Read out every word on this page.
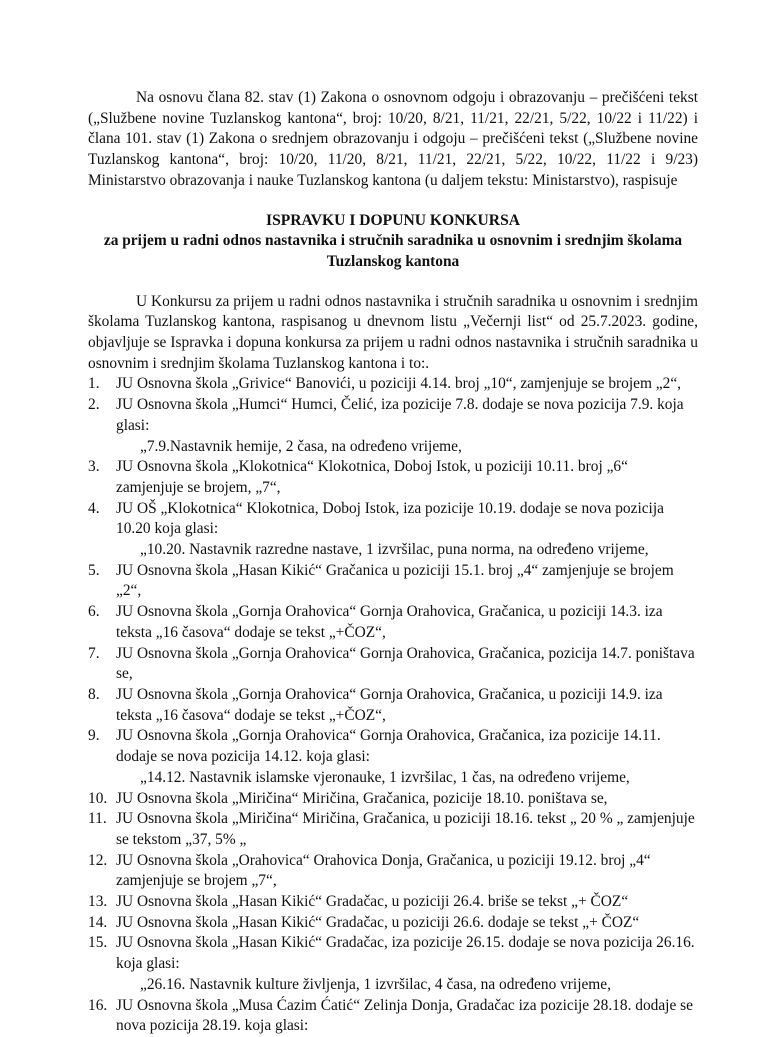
Na osnovu člana 82. stav (1) Zakona o osnovnom odgoju i obrazovanju – prečišćeni tekst („Službene novine Tuzlanskog kantona“, broj: 10/20, 8/21, 11/21, 22/21, 5/22, 10/22 i 11/22) i člana 101. stav (1) Zakona o srednjem obrazovanju i odgoju – prečišćeni tekst („Službene novine Tuzlanskog kantona“, broj: 10/20, 11/20, 8/21, 11/21, 22/21, 5/22, 10/22, 11/22 i 9/23) Ministarstvo obrazovanja i nauke Tuzlanskog kantona (u daljem tekstu: Ministarstvo), raspisuje

ISPRAVKU I DOPUNU KONKURSA
za prijem u radni odnos nastavnika i stručnih saradnika u osnovnim i srednjim školama Tuzlanskog kantona

U Konkursu za prijem u radni odnos nastavnika i stručnih saradnika u osnovnim i srednjim školama Tuzlanskog kantona, raspisanog u dnevnom listu „Večernji list“ od 25.7.2023. godine, objavljuje se Ispravka i dopuna konkursa za prijem u radni odnos nastavnika i stručnih saradnika u osnovnim i srednjim školama Tuzlanskog kantona i to:.

1. JU Osnovna škola „Grivice“ Banovići, u poziciji 4.14. broj „10“, zamjenjuje se brojem „2“,
2. JU Osnovna škola „Humci“ Humci, Čelić, iza pozicije 7.8. dodaje se nova pozicija 7.9. koja glasi:
„7.9.Nastavnik hemije, 2 časa, na određeno vrijeme,
3. JU Osnovna škola „Klokotnica“ Klokotnica, Doboj Istok, u poziciji 10.11. broj „6“ zamjenjuje se brojem, „7“,
4. JU OŠ „Klokotnica“ Klokotnica, Doboj Istok, iza pozicije 10.19. dodaje se nova pozicija 10.20 koja glasi:
„10.20. Nastavnik razredne nastave, 1 izvršilac, puna norma, na određeno vrijeme,
5. JU Osnovna škola „Hasan Kikić“ Gračanica u poziciji 15.1. broj „4“ zamjenjuje se brojem „2“,
6. JU Osnovna škola „Gornja Orahovica“ Gornja Orahovica, Gračanica, u poziciji 14.3. iza teksta „16 časova“ dodaje se tekst „+ČOZ“,
7. JU Osnovna škola „Gornja Orahovica“ Gornja Orahovica, Gračanica, pozicija 14.7. poništava se,
8. JU Osnovna škola „Gornja Orahovica“ Gornja Orahovica, Gračanica, u poziciji 14.9. iza teksta „16 časova“ dodaje se tekst „+ČOZ“,
9. JU Osnovna škola „Gornja Orahovica“ Gornja Orahovica, Gračanica, iza pozicije 14.11. dodaje se nova pozicija 14.12. koja glasi:
„14.12. Nastavnik islamske vjeronauke, 1 izvršilac, 1 čas, na određeno vrijeme,
10. JU Osnovna škola „Miričina“ Miričina, Gračanica, pozicije 18.10. poništava se,
11. JU Osnovna škola „Miričina“ Miričina, Gračanica, u poziciji 18.16. tekst „ 20 % „ zamjenjuje se tekstom „37, 5% „
12. JU Osnovna škola „Orahovica“ Orahovica Donja, Gračanica, u poziciji 19.12. broj „4“ zamjenjuje se brojem „7“,
13. JU Osnovna škola „Hasan Kikić“ Gradačac, u poziciji 26.4. briše se tekst „+ ČOZ“
14. JU Osnovna škola „Hasan Kikić“ Gradačac, u poziciji 26.6. dodaje se tekst „+ ČOZ“
15. JU Osnovna škola „Hasan Kikić“ Gradačac, iza pozicije 26.15. dodaje se nova pozicija 26.16. koja glasi:
„26.16. Nastavnik kulture življenja, 1 izvršilac, 4 časa, na određeno vrijeme,
16. JU Osnovna škola „Musa Ćazim Ćatić“ Zelinja Donja, Gradačac iza pozicije 28.18. dodaje se nova pozicija 28.19. koja glasi:
